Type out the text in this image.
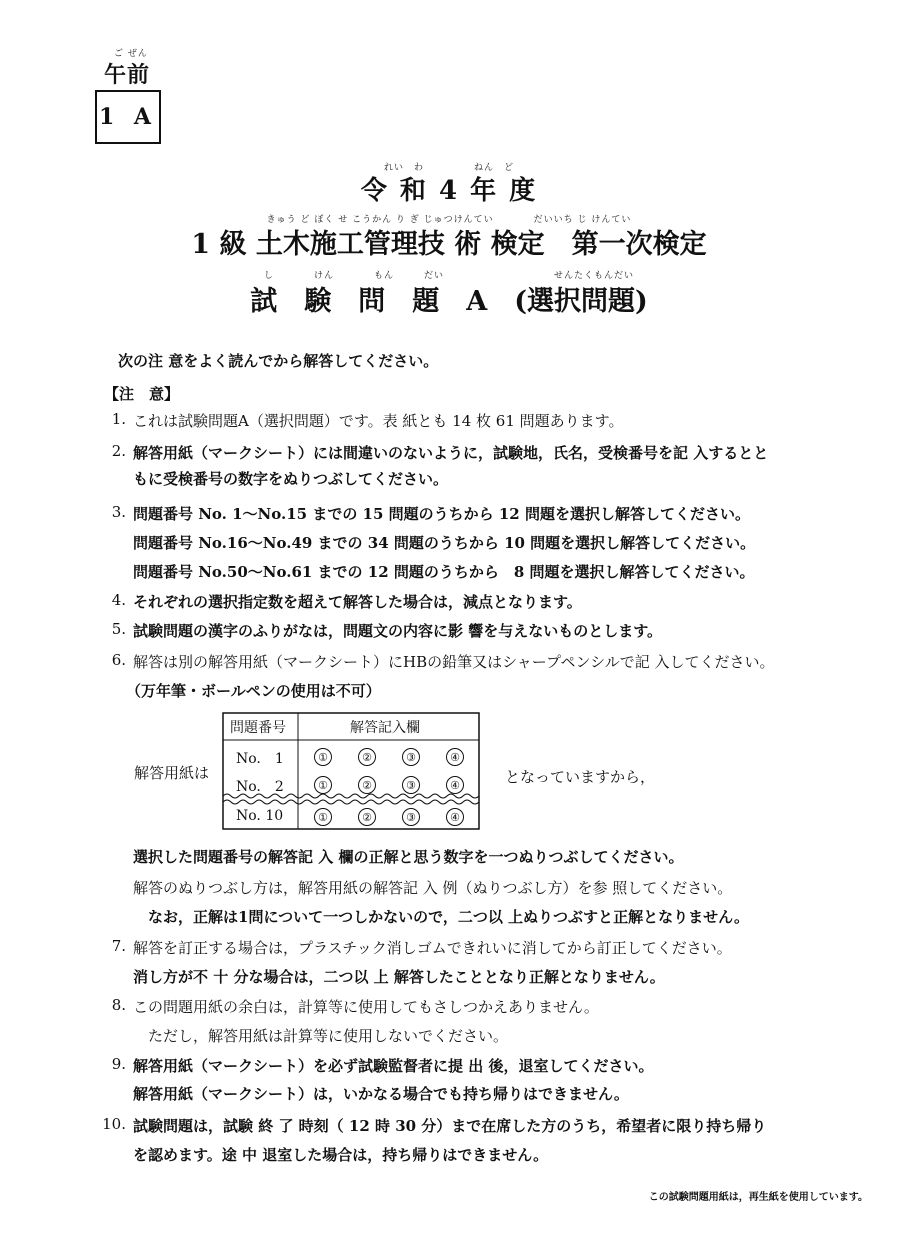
ご ぜん
午前
1 A
れい　わ　　　　　ねん　ど
令 和 4 年 度
きゅう ど ぼく せ こうかん り ぎ じゅつけんてい　　　　だいいち じ けんてい
1 級 土木施工管理技 術 検定　第一次検定
し　　　　けん　　　　もん　　　だい　　　　　　　　　　　せんたくもんだい
試　験　問　題　A　(選択問題)
次の注 意をよく読んでから解答してください。
【注　意】
1. これは試験問題A（選択問題）です。表 紙とも 14 枚 61 問題あります。
2. 解答用紙（マークシート）には間違いのないように，試験地，氏名，受検番号を記 入するとと
もに受検番号の数字をぬりつぶしてください。
3. 問題番号 No. 1～No.15 までの 15 問題のうちから 12 問題を選択し解答してください。
問題番号 No.16～No.49 までの 34 問題のうちから 10 問題を選択し解答してください。
問題番号 No.50～No.61 までの 12 問題のうちから　8 問題を選択し解答してください。
4. それぞれの選択指定数を超えて解答した場合は，減点となります。
5. 試験問題の漢字のふりがなは，問題文の内容に影 響を与えないものとします。
6. 解答は別の解答用紙（マークシート）にHBの鉛筆又はシャープペンシルで記 入してください。
（万年筆・ボールペンの使用は不可）
解答用紙は	となっていますから，
問題番号	解答記入欄
No.　1	①	②	③	④
No.　2	①	②	③	④
No. 10	①	②	③	④
選択した問題番号の解答記 入 欄の正解と思う数字を一つぬりつぶしてください。
解答のぬりつぶし方は，解答用紙の解答記 入 例（ぬりつぶし方）を参 照してください。
　なお，正解は1問について一つしかないので，二つ以 上ぬりつぶすと正解となりません。
7. 解答を訂正する場合は，プラスチック消しゴムできれいに消してから訂正してください。
消し方が不 十 分な場合は，二つ以 上 解答したこととなり正解となりません。
8. この問題用紙の余白は，計算等に使用してもさしつかえありません。
　ただし，解答用紙は計算等に使用しないでください。
9. 解答用紙（マークシート）を必ず試験監督者に提 出 後，退室してください。
解答用紙（マークシート）は，いかなる場合でも持ち帰りはできません。
10. 試験問題は，試験 終 了 時刻（ 12 時 30 分）まで在席した方のうち，希望者に限り持ち帰り
を認めます。途 中 退室した場合は，持ち帰りはできません。
この試験問題用紙は，再生紙を使用しています。
